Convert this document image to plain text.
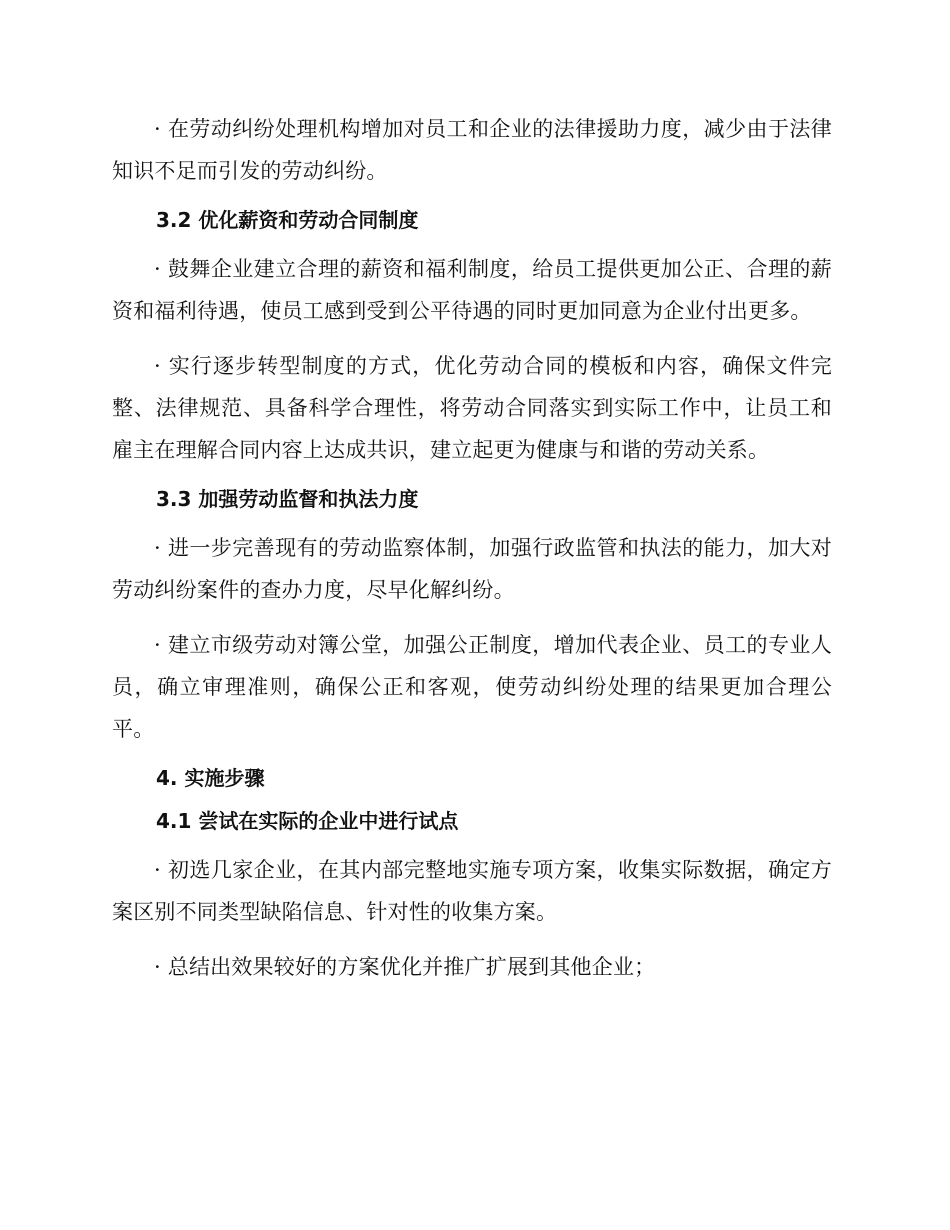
· 在劳动纠纷处理机构增加对员工和企业的法律援助力度，减少由于法律知识不足而引发的劳动纠纷。

3.2 优化薪资和劳动合同制度

· 鼓舞企业建立合理的薪资和福利制度，给员工提供更加公正、合理的薪资和福利待遇，使员工感到受到公平待遇的同时更加同意为企业付出更多。

· 实行逐步转型制度的方式，优化劳动合同的模板和内容，确保文件完整、法律规范、具备科学合理性，将劳动合同落实到实际工作中，让员工和雇主在理解合同内容上达成共识，建立起更为健康与和谐的劳动关系。

3.3 加强劳动监督和执法力度

· 进一步完善现有的劳动监察体制，加强行政监管和执法的能力，加大对劳动纠纷案件的查办力度，尽早化解纠纷。

· 建立市级劳动对簿公堂，加强公正制度，增加代表企业、员工的专业人员，确立审理准则，确保公正和客观，使劳动纠纷处理的结果更加合理公平。

4. 实施步骤
4.1 尝试在实际的企业中进行试点

· 初选几家企业，在其内部完整地实施专项方案，收集实际数据，确定方案区别不同类型缺陷信息、针对性的收集方案。

· 总结出效果较好的方案优化并推广扩展到其他企业；
